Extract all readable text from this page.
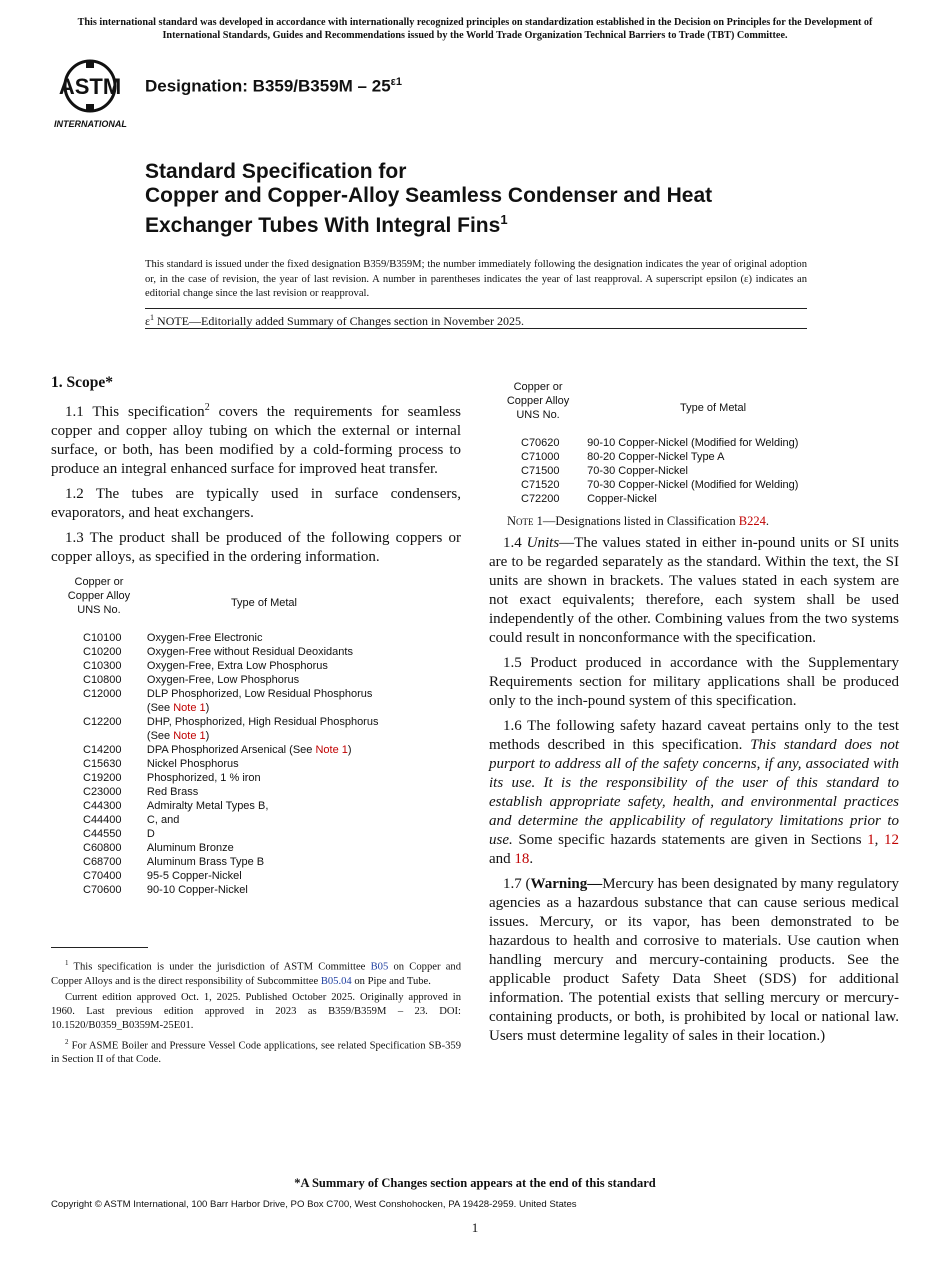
This international standard was developed in accordance with internationally recognized principles on standardization established in the Decision on Principles for the Development of International Standards, Guides and Recommendations issued by the World Trade Organization Technical Barriers to Trade (TBT) Committee.
ASTM
INTERNATIONAL
Designation: $B359/B359M - 25^{\varepsilon 1}$
Standard Specification for
Copper and Copper-Alloy Seamless Condenser and Heat
Exchanger Tubes With Integral Fins$^1$
This standard is issued under the fixed designation B359/B359M; the number immediately following the designation indicates the year of original adoption or, in the case of revision, the year of last revision. A number in parentheses indicates the year of last reapproval. A superscript epsilon (ε) indicates an editorial change since the last revision or reapproval.
$\varepsilon^1$ NOTE—Editorially added Summary of Changes section in November 2025.
1. Scope*

1.1 This specification$^2$ covers the requirements for seamless copper and copper alloy tubing on which the external or internal surface, or both, has been modified by a cold-forming process to produce an integral enhanced surface for improved heat transfer.

1.2 The tubes are typically used in surface condensers, evaporators, and heat exchangers.

1.3 The product shall be produced of the following coppers or copper alloys, as specified in the ordering information.

Copper or
Copper Alloy
UNS No.	Type of Metal
C10100	Oxygen-Free Electronic
C10200	Oxygen-Free without Residual Deoxidants
C10300	Oxygen-Free, Extra Low Phosphorus
C10800	Oxygen-Free, Low Phosphorus
C12000	DLP Phosphorized, Low Residual Phosphorus
(See Note 1)

C12200	DHP, Phosphorized, High Residual Phosphorus
(See Note 1)

C14200	DPA Phosphorized Arsenical (See Note 1)
C15630	Nickel Phosphorus
C19200	Phosphorized, 1 % iron
C23000	Red Brass
C44300	Admiralty Metal Types B,
C44400	C, and
C44550	D
C60800	Aluminum Bronze
C68700	Aluminum Brass Type B
C70400	95-5 Copper-Nickel
C70600	90-10 Copper-Nickel
Copper or
Copper Alloy
UNS No.	Type of Metal
C70620	90-10 Copper-Nickel (Modified for Welding)
C71000	80-20 Copper-Nickel Type A
C71500	70-30 Copper-Nickel
C71520	70-30 Copper-Nickel (Modified for Welding)
C72200	Copper-Nickel
Note 1—Designations listed in Classification B224.

1.4 Units—The values stated in either in-pound units or SI units are to be regarded separately as the standard. Within the text, the SI units are shown in brackets. The values stated in each system are not exact equivalents; therefore, each system shall be used independently of the other. Combining values from the two systems could result in nonconformance with the specification.

1.5 Product produced in accordance with the Supplementary Requirements section for military applications shall be produced only to the inch-pound system of this specification.

1.6 The following safety hazard caveat pertains only to the test methods described in this specification. This standard does not purport to address all of the safety concerns, if any, associated with its use. It is the responsibility of the user of this standard to establish appropriate safety, health, and environmental practices and determine the applicability of regulatory limitations prior to use. Some specific hazards statements are given in Sections 1, 12 and 18.

1.7 (Warning—Mercury has been designated by many regulatory agencies as a hazardous substance that can cause serious medical issues. Mercury, or its vapor, has been demonstrated to be hazardous to health and corrosive to materials. Use caution when handling mercury and mercury-containing products. See the applicable product Safety Data Sheet (SDS) for additional information. The potential exists that selling mercury or mercury-containing products, or both, is prohibited by local or national law. Users must determine legality of sales in their location.)

$^1$ This specification is under the jurisdiction of ASTM Committee B05 on Copper and Copper Alloys and is the direct responsibility of Subcommittee B05.04 on Pipe and Tube.

Current edition approved Oct. 1, 2025. Published October 2025. Originally approved in 1960. Last previous edition approved in 2023 as B359/B359M – 23. DOI: 10.1520/B0359_B0359M-25E01.

$^2$ For ASME Boiler and Pressure Vessel Code applications, see related Specification SB-359 in Section II of that Code.

*A Summary of Changes section appears at the end of this standard
Copyright © ASTM International, 100 Barr Harbor Drive, PO Box C700, West Conshohocken, PA 19428-2959. United States
1
